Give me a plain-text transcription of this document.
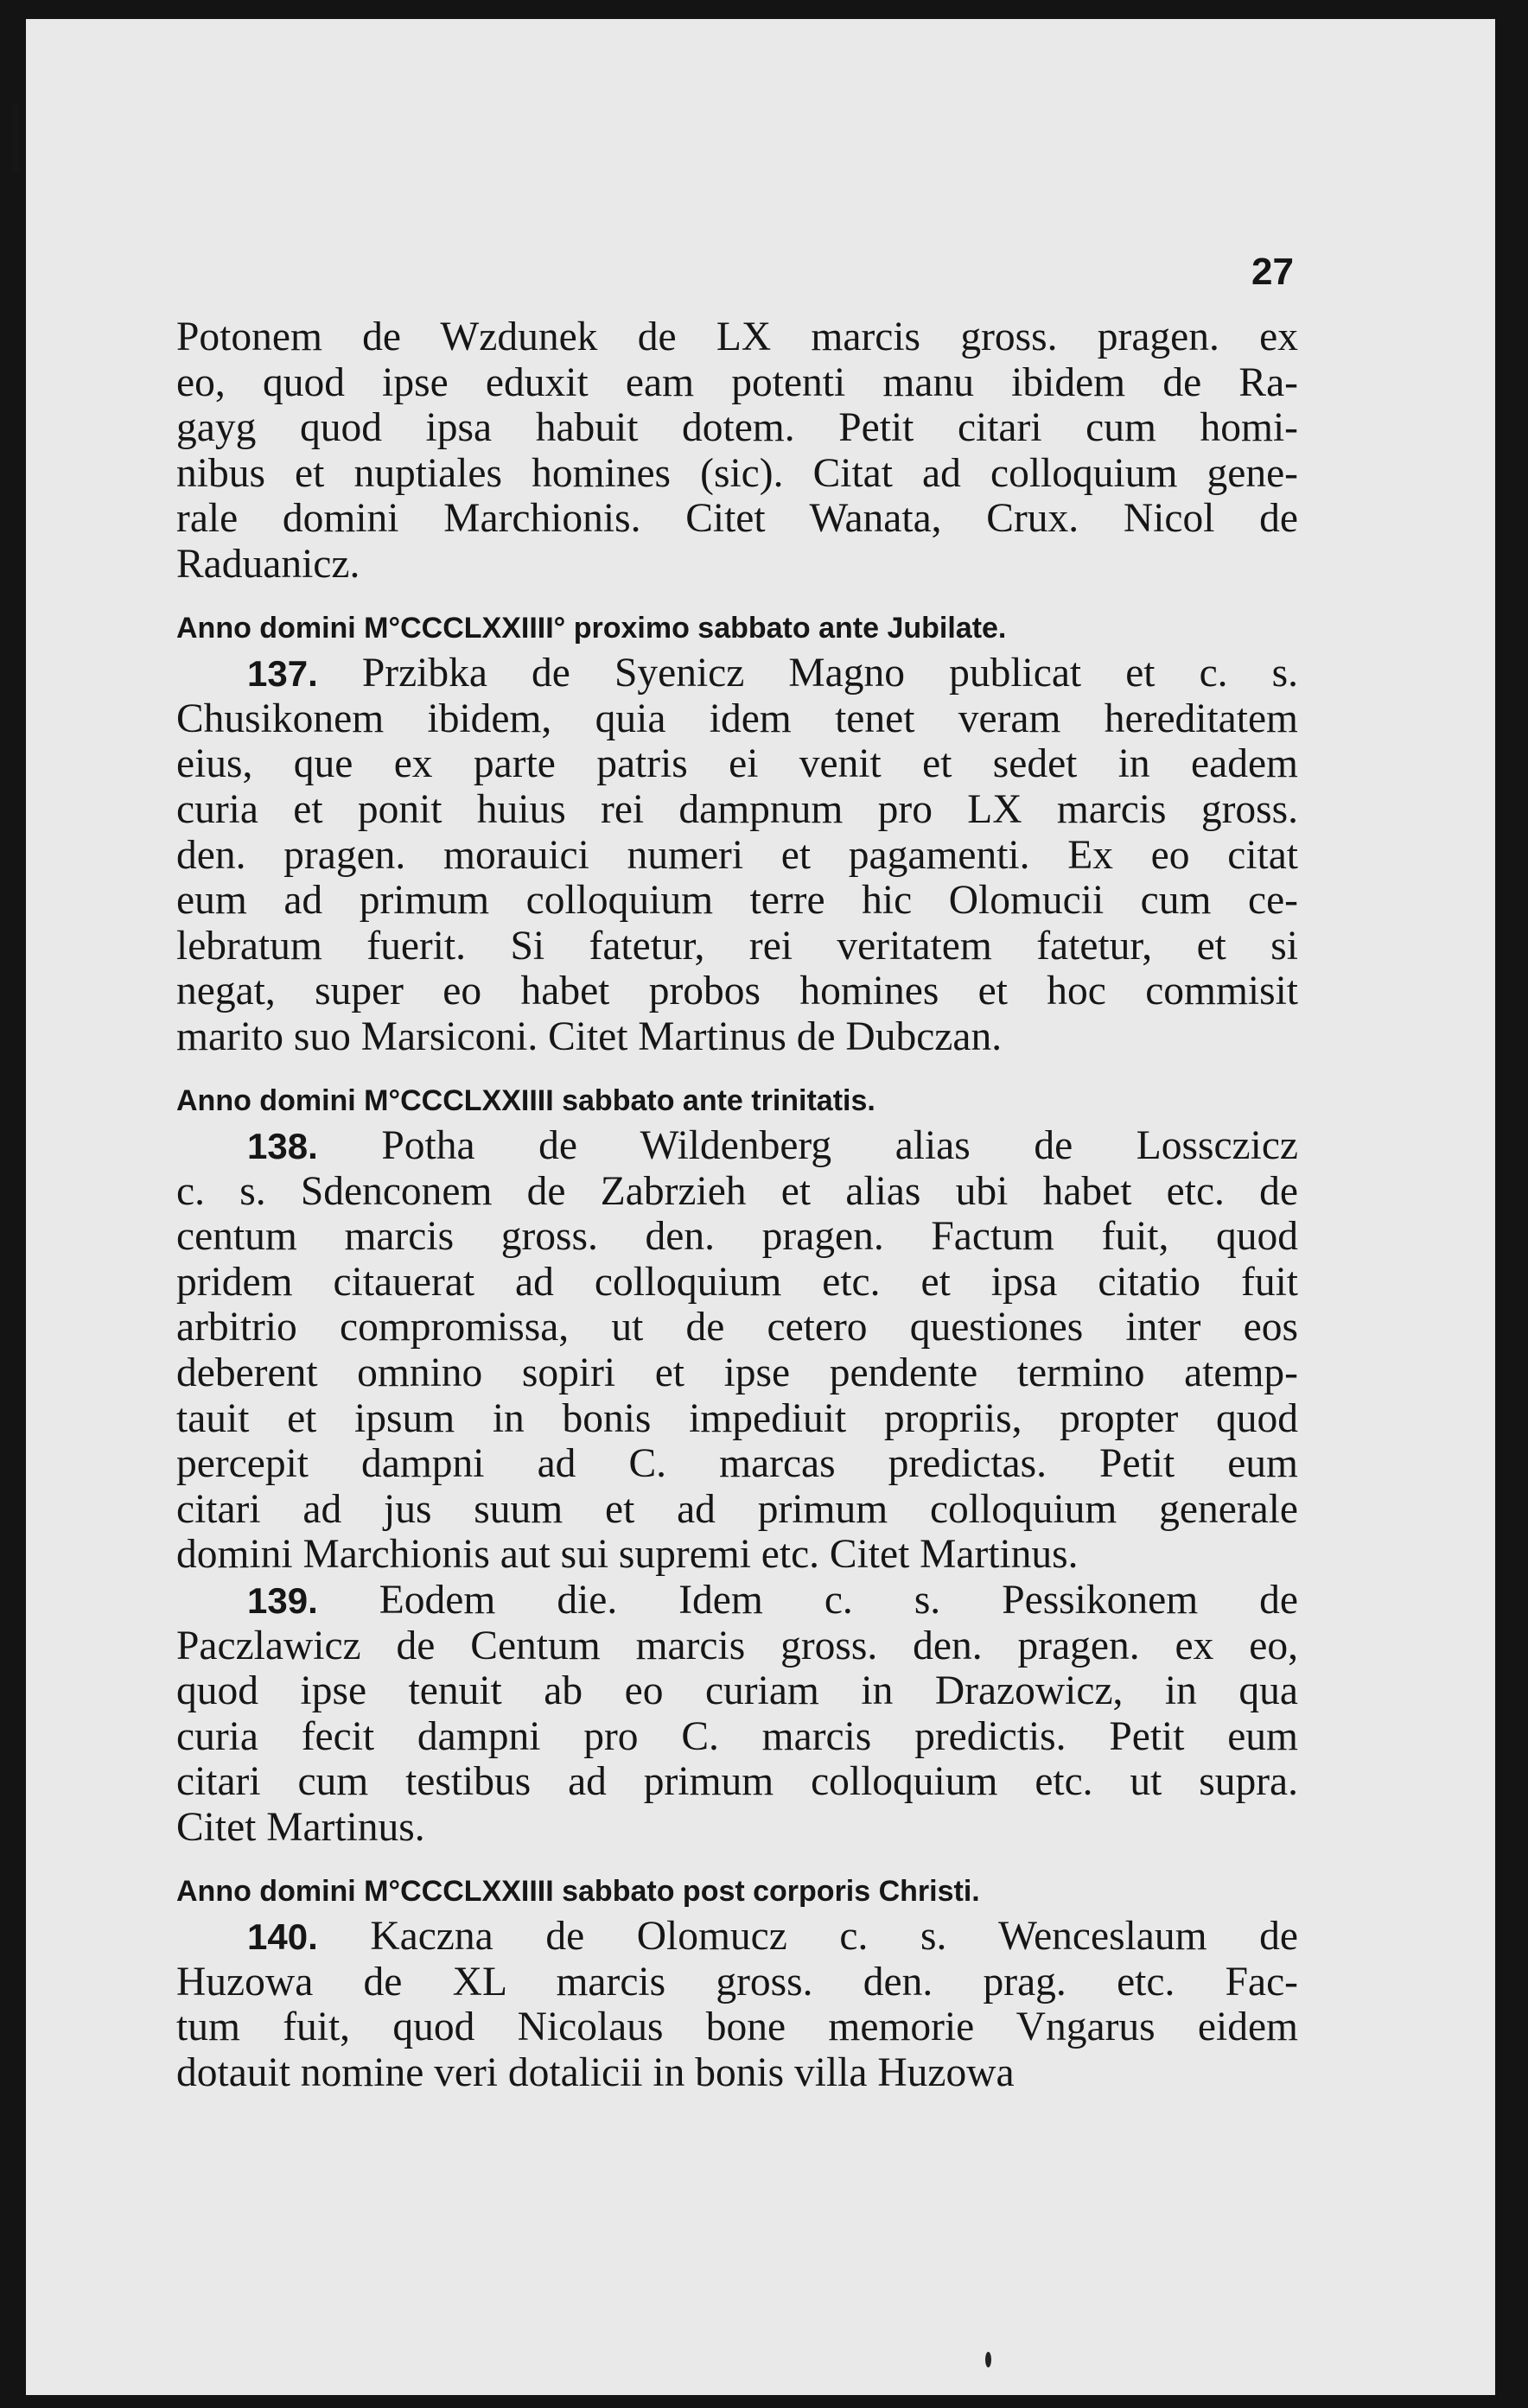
27
Potonem de Wzdunek de LX marcis gross. pragen. ex
eo, quod ipse eduxit eam potenti manu ibidem de Ra-
gayg quod ipsa habuit dotem. Petit citari cum homi-
nibus et nuptiales homines (sic). Citat ad colloquium gene-
rale domini Marchionis. Citet Wanata, Crux. Nicol de
Raduanicz.
Anno domini M°CCCLXXIIII° proximo sabbato ante Jubilate.
137. Przibka de Syenicz Magno publicat et c. s.
Chusikonem ibidem, quia idem tenet veram hereditatem
eius, que ex parte patris ei venit et sedet in eadem
curia et ponit huius rei dampnum pro LX marcis gross.
den. pragen. morauici numeri et pagamenti. Ex eo citat
eum ad primum colloquium terre hic Olomucii cum ce-
lebratum fuerit. Si fatetur, rei veritatem fatetur, et si
negat, super eo habet probos homines et hoc commisit
marito suo Marsiconi. Citet Martinus de Dubczan.
Anno domini M°CCCLXXIIII sabbato ante trinitatis.
138. Potha de Wildenberg alias de Lossczicz
c. s. Sdenconem de Zabrzieh et alias ubi habet etc. de
centum marcis gross. den. pragen. Factum fuit, quod
pridem citauerat ad colloquium etc. et ipsa citatio fuit
arbitrio compromissa, ut de cetero questiones inter eos
deberent omnino sopiri et ipse pendente termino atemp-
tauit et ipsum in bonis impediuit propriis, propter quod
percepit dampni ad C. marcas predictas. Petit eum
citari ad jus suum et ad primum colloquium generale
domini Marchionis aut sui supremi etc. Citet Martinus.
139. Eodem die. Idem c. s. Pessikonem de
Paczlawicz de Centum marcis gross. den. pragen. ex eo,
quod ipse tenuit ab eo curiam in Drazowicz, in qua
curia fecit dampni pro C. marcis predictis. Petit eum
citari cum testibus ad primum colloquium etc. ut supra.
Citet Martinus.
Anno domini M°CCCLXXIIII sabbato post corporis Christi.
140. Kaczna de Olomucz c. s. Wenceslaum de
Huzowa de XL marcis gross. den. prag. etc. Fac-
tum fuit, quod Nicolaus bone memorie Vngarus eidem
dotauit nomine veri dotalicii in bonis villa Huzowa
